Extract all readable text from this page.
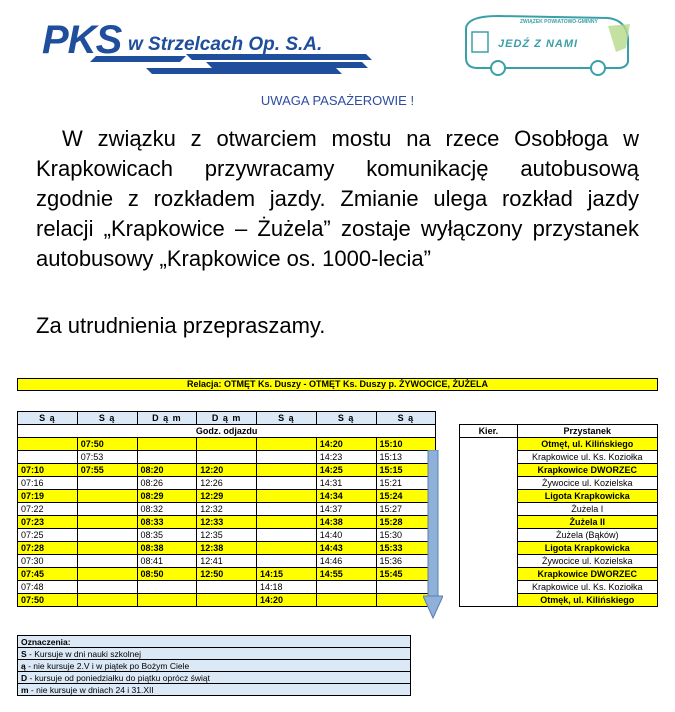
PKS w Strzelcach Op. S.A.
ZWIĄZEK POWIATOWO-GMINNY
JEDŹ Z NAMI
UWAGA PASAŻEROWIE !
W związku z otwarciem mostu na rzece Osobłoga w Krapkowicach przywracamy komunikację autobusową zgodnie z rozkładem jazdy. Zmianie ulega rozkład jazdy relacji „Krapkowice – Żużela” zostaje wyłączony przystanek autobusowy „Krapkowice os. 1000-lecia”
Za utrudnienia przepraszamy.
Relacja: OTMĘT Ks. Duszy - OTMĘT Ks. Duszy p. ŻYWOCICE, ŻUŻELA
S ą	S ą	D ą m	D ą m	S ą	S ą	S ą			
Godz. odjazdu								Kier.	Przystanek
	07:50				14:20	15:10			Otmęt, ul. Kilińskiego
	07:53				14:23	15:13			Krapkowice ul. Ks. Koziołka
07:10	07:55	08:20	12:20		14:25	15:15			Krapkowice DWORZEC
07:16		08:26	12:26		14:31	15:21			Żywocice ul. Kozielska
07:19		08:29	12:29		14:34	15:24			Ligota Krapkowicka
07:22		08:32	12:32		14:37	15:27			Żużela I
07:23		08:33	12:33		14:38	15:28			Żużela II
07:25		08:35	12:35		14:40	15:30			Żużela (Bąków)
07:28		08:38	12:38		14:43	15:33			Ligota Krapkowicka
07:30		08:41	12:41		14:46	15:36			Żywocice ul. Kozielska
07:45		08:50	12:50	14:15	14:55	15:45			Krapkowice DWORZEC
07:48				14:18					Krapkowice ul. Ks. Koziołka
07:50				14:20					Otmęk, ul. Kilińskiego
Oznaczenia:
S - Kursuje w dni nauki szkolnej
ą - nie kursuje 2.V i w piątek po Bożym Ciele
D - kursuje od poniedziałku do piątku oprócz świąt
m - nie kursuje w dniach 24 i 31.XII
